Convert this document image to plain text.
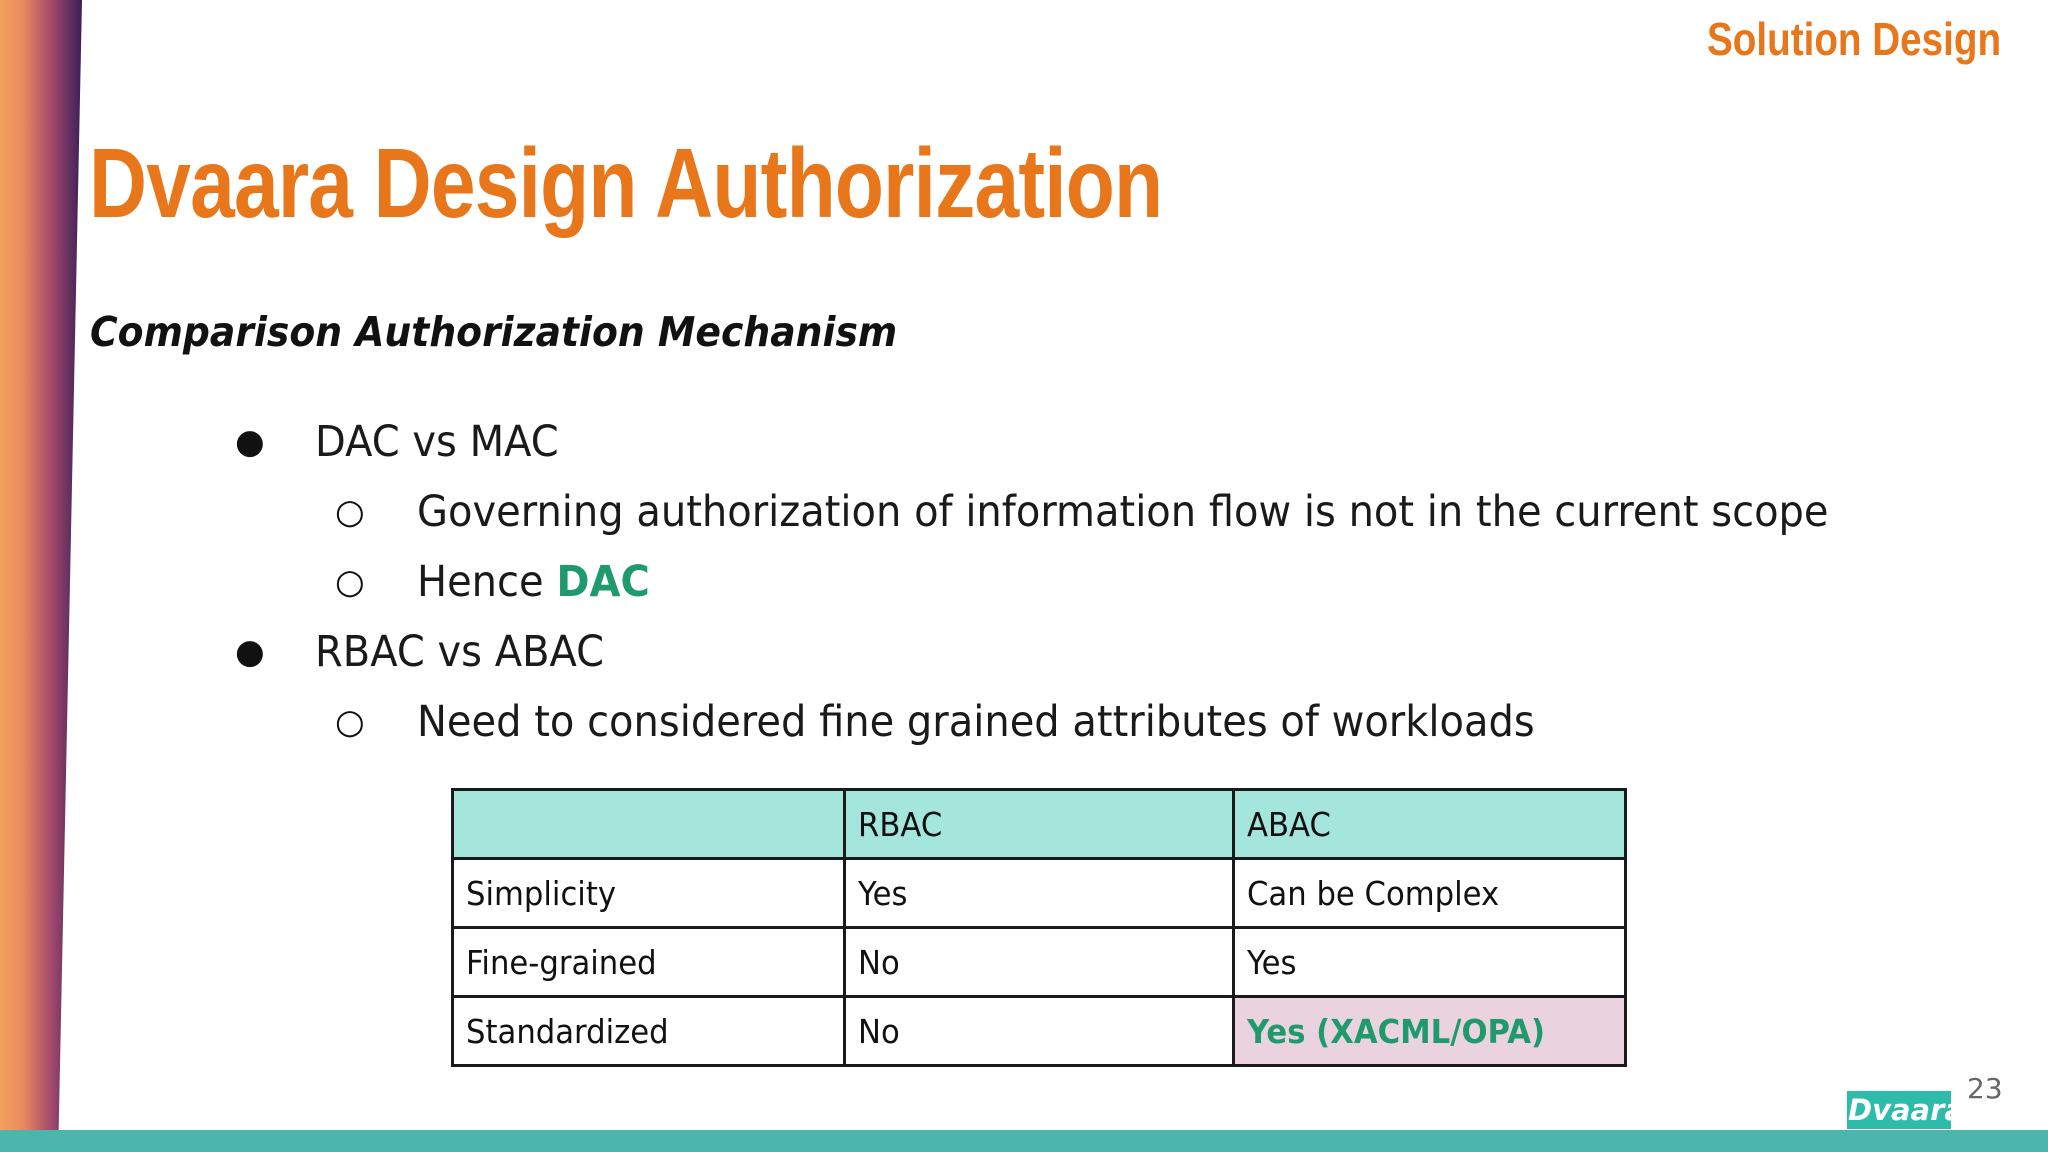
Solution Design
Dvaara Design Authorization
Comparison Authorization Mechanism
● DAC vs MAC
○ Governing authorization of information flow is not in the current scope
○ Hence DAC
● RBAC vs ABAC
○ Need to considered fine grained attributes of workloads
	RBAC	ABAC
Simplicity	Yes	Can be Complex
Fine-grained	No	Yes
Standardized	No	Yes (XACML/OPA)
23
Dvaara
